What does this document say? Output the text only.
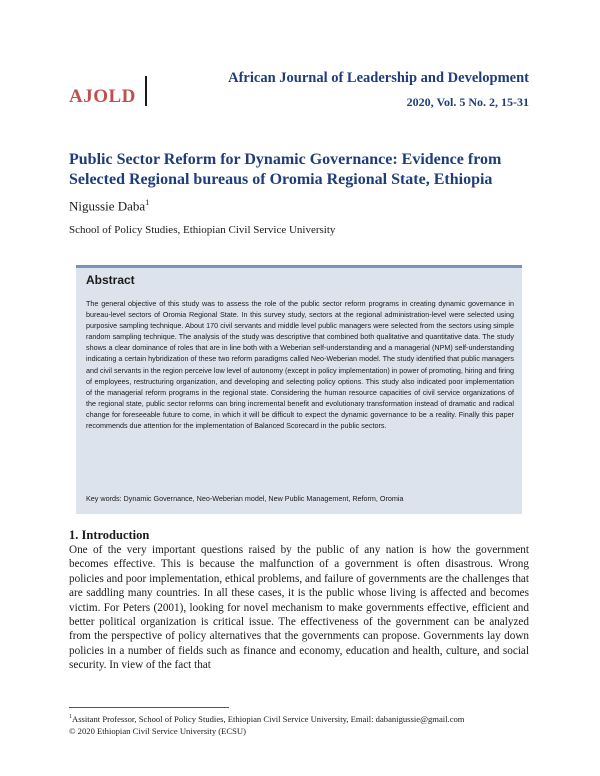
AJOLD
African Journal of Leadership and Development
2020, Vol. 5 No. 2, 15-31
Public Sector Reform for Dynamic Governance: Evidence from Selected Regional bureaus of Oromia Regional State, Ethiopia
Nigussie Daba$^1$
School of Policy Studies, Ethiopian Civil Service University
Abstract
The general objective of this study was to assess the role of the public sector reform programs in creating dynamic governance in bureau-level sectors of Oromia Regional State. In this survey study, sectors at the regional administration-level were selected using purposive sampling technique. About 170 civil servants and middle level public managers were selected from the sectors using simple random sampling technique. The analysis of the study was descriptive that combined both qualitative and quantitative data. The study shows a clear dominance of roles that are in line both with a Weberian self-understanding and a managerial (NPM) self-understanding indicating a certain hybridization of these two reform paradigms called Neo-Weberian model. The study identified that public managers and civil servants in the region perceive low level of autonomy (except in policy implementation) in power of promoting, hiring and firing of employees, restructuring organization, and developing and selecting policy options. This study also indicated poor implementation of the managerial reform programs in the regional state. Considering the human resource capacities of civil service organizations of the regional state, public sector reforms can bring incremental benefit and evolutionary transformation instead of dramatic and radical change for foreseeable future to come, in which it will be difficult to expect the dynamic governance to be a reality. Finally this paper recommends due attention for the implementation of Balanced Scorecard in the public sectors.
Key words: Dynamic Governance, Neo-Weberian model, New Public Management, Reform, Oromia
1. Introduction
One of the very important questions raised by the public of any nation is how the government becomes effective. This is because the malfunction of a government is often disastrous. Wrong policies and poor implementation, ethical problems, and failure of governments are the challenges that are saddling many countries. In all these cases, it is the public whose living is affected and becomes victim. For Peters (2001), looking for novel mechanism to make governments effective, efficient and better political organization is critical issue. The effectiveness of the government can be analyzed from the perspective of policy alternatives that the governments can propose. Governments lay down policies in a number of fields such as finance and economy, education and health, culture, and social security. In view of the fact that
$^1$Assitant Professor, School of Policy Studies, Ethiopian Civil Service University, Email: dabanigussie@gmail.com
© 2020 Ethiopian Civil Service University (ECSU)
